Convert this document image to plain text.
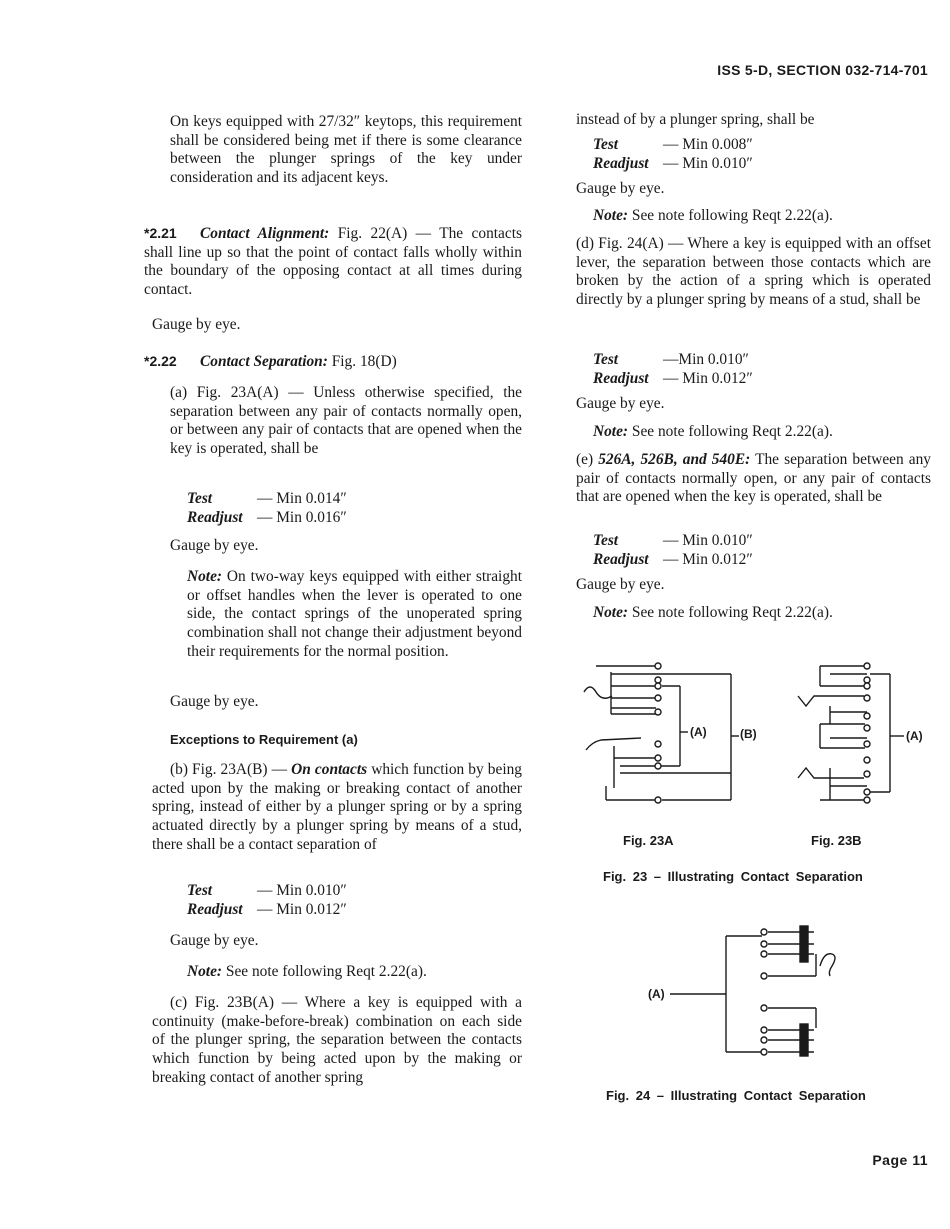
ISS 5-D, SECTION 032-714-701

On keys equipped with 27/32″ keytops, this requirement shall be considered being met if there is some clearance between the plunger springs of the key under consideration and its adjacent keys.

*2.21 Contact Alignment: Fig. 22(A) — The contacts shall line up so that the point of contact falls wholly within the boundary of the opposing contact at all times during contact.

Gauge by eye.
*2.22 Contact Separation: Fig. 18(D)

(a) Fig. 23A(A) — Unless otherwise specified, the separation between any pair of contacts normally open, or between any pair of contacts that are opened when the key is operated, shall be

Test	— Min 0.014″
Readjust — Min 0.016″
Gauge by eye.

Note: On two-way keys equipped with either straight or offset handles when the lever is operated to one side, the contact springs of the unoperated spring combination shall not change their adjustment beyond their requirements for the normal position.

Gauge by eye.
Exceptions to Requirement (a)

(b) Fig. 23A(B) — On contacts which function by being acted upon by the making or breaking contact of another spring, instead of either by a plunger spring or by a spring actuated directly by a plunger spring by means of a stud, there shall be a contact separation of

Test	— Min 0.010″
Readjust — Min 0.012″
Gauge by eye.
Note: See note following Reqt 2.22(a).

(c) Fig. 23B(A) — Where a key is equipped with a continuity (make-before-break) combination on each side of the plunger spring, the separation between the contacts which function by being acted upon by the making or breaking contact of another spring

instead of by a plunger spring, shall be
Test	— Min 0.008″
Readjust — Min 0.010″
Gauge by eye.
Note: See note following Reqt 2.22(a).

(d) Fig. 24(A) — Where a key is equipped with an offset lever, the separation between those contacts which are broken by the action of a spring which is operated directly by a plunger spring by means of a stud, shall be

Test	—Min 0.010″
Readjust — Min 0.012″
Gauge by eye.
Note: See note following Reqt 2.22(a).

(e) 526A, 526B, and 540E: The separation between any pair of contacts normally open, or any pair of contacts that are opened when the key is operated, shall be

Test	— Min 0.010″
Readjust — Min 0.012″
Gauge by eye.
Note: See note following Reqt 2.22(a).
(A)	(B)	(A)
Fig. 23A	Fig. 23B
Fig. 23 – Illustrating Contact Separation
(A)
Fig. 24 – Illustrating Contact Separation
Page 11
